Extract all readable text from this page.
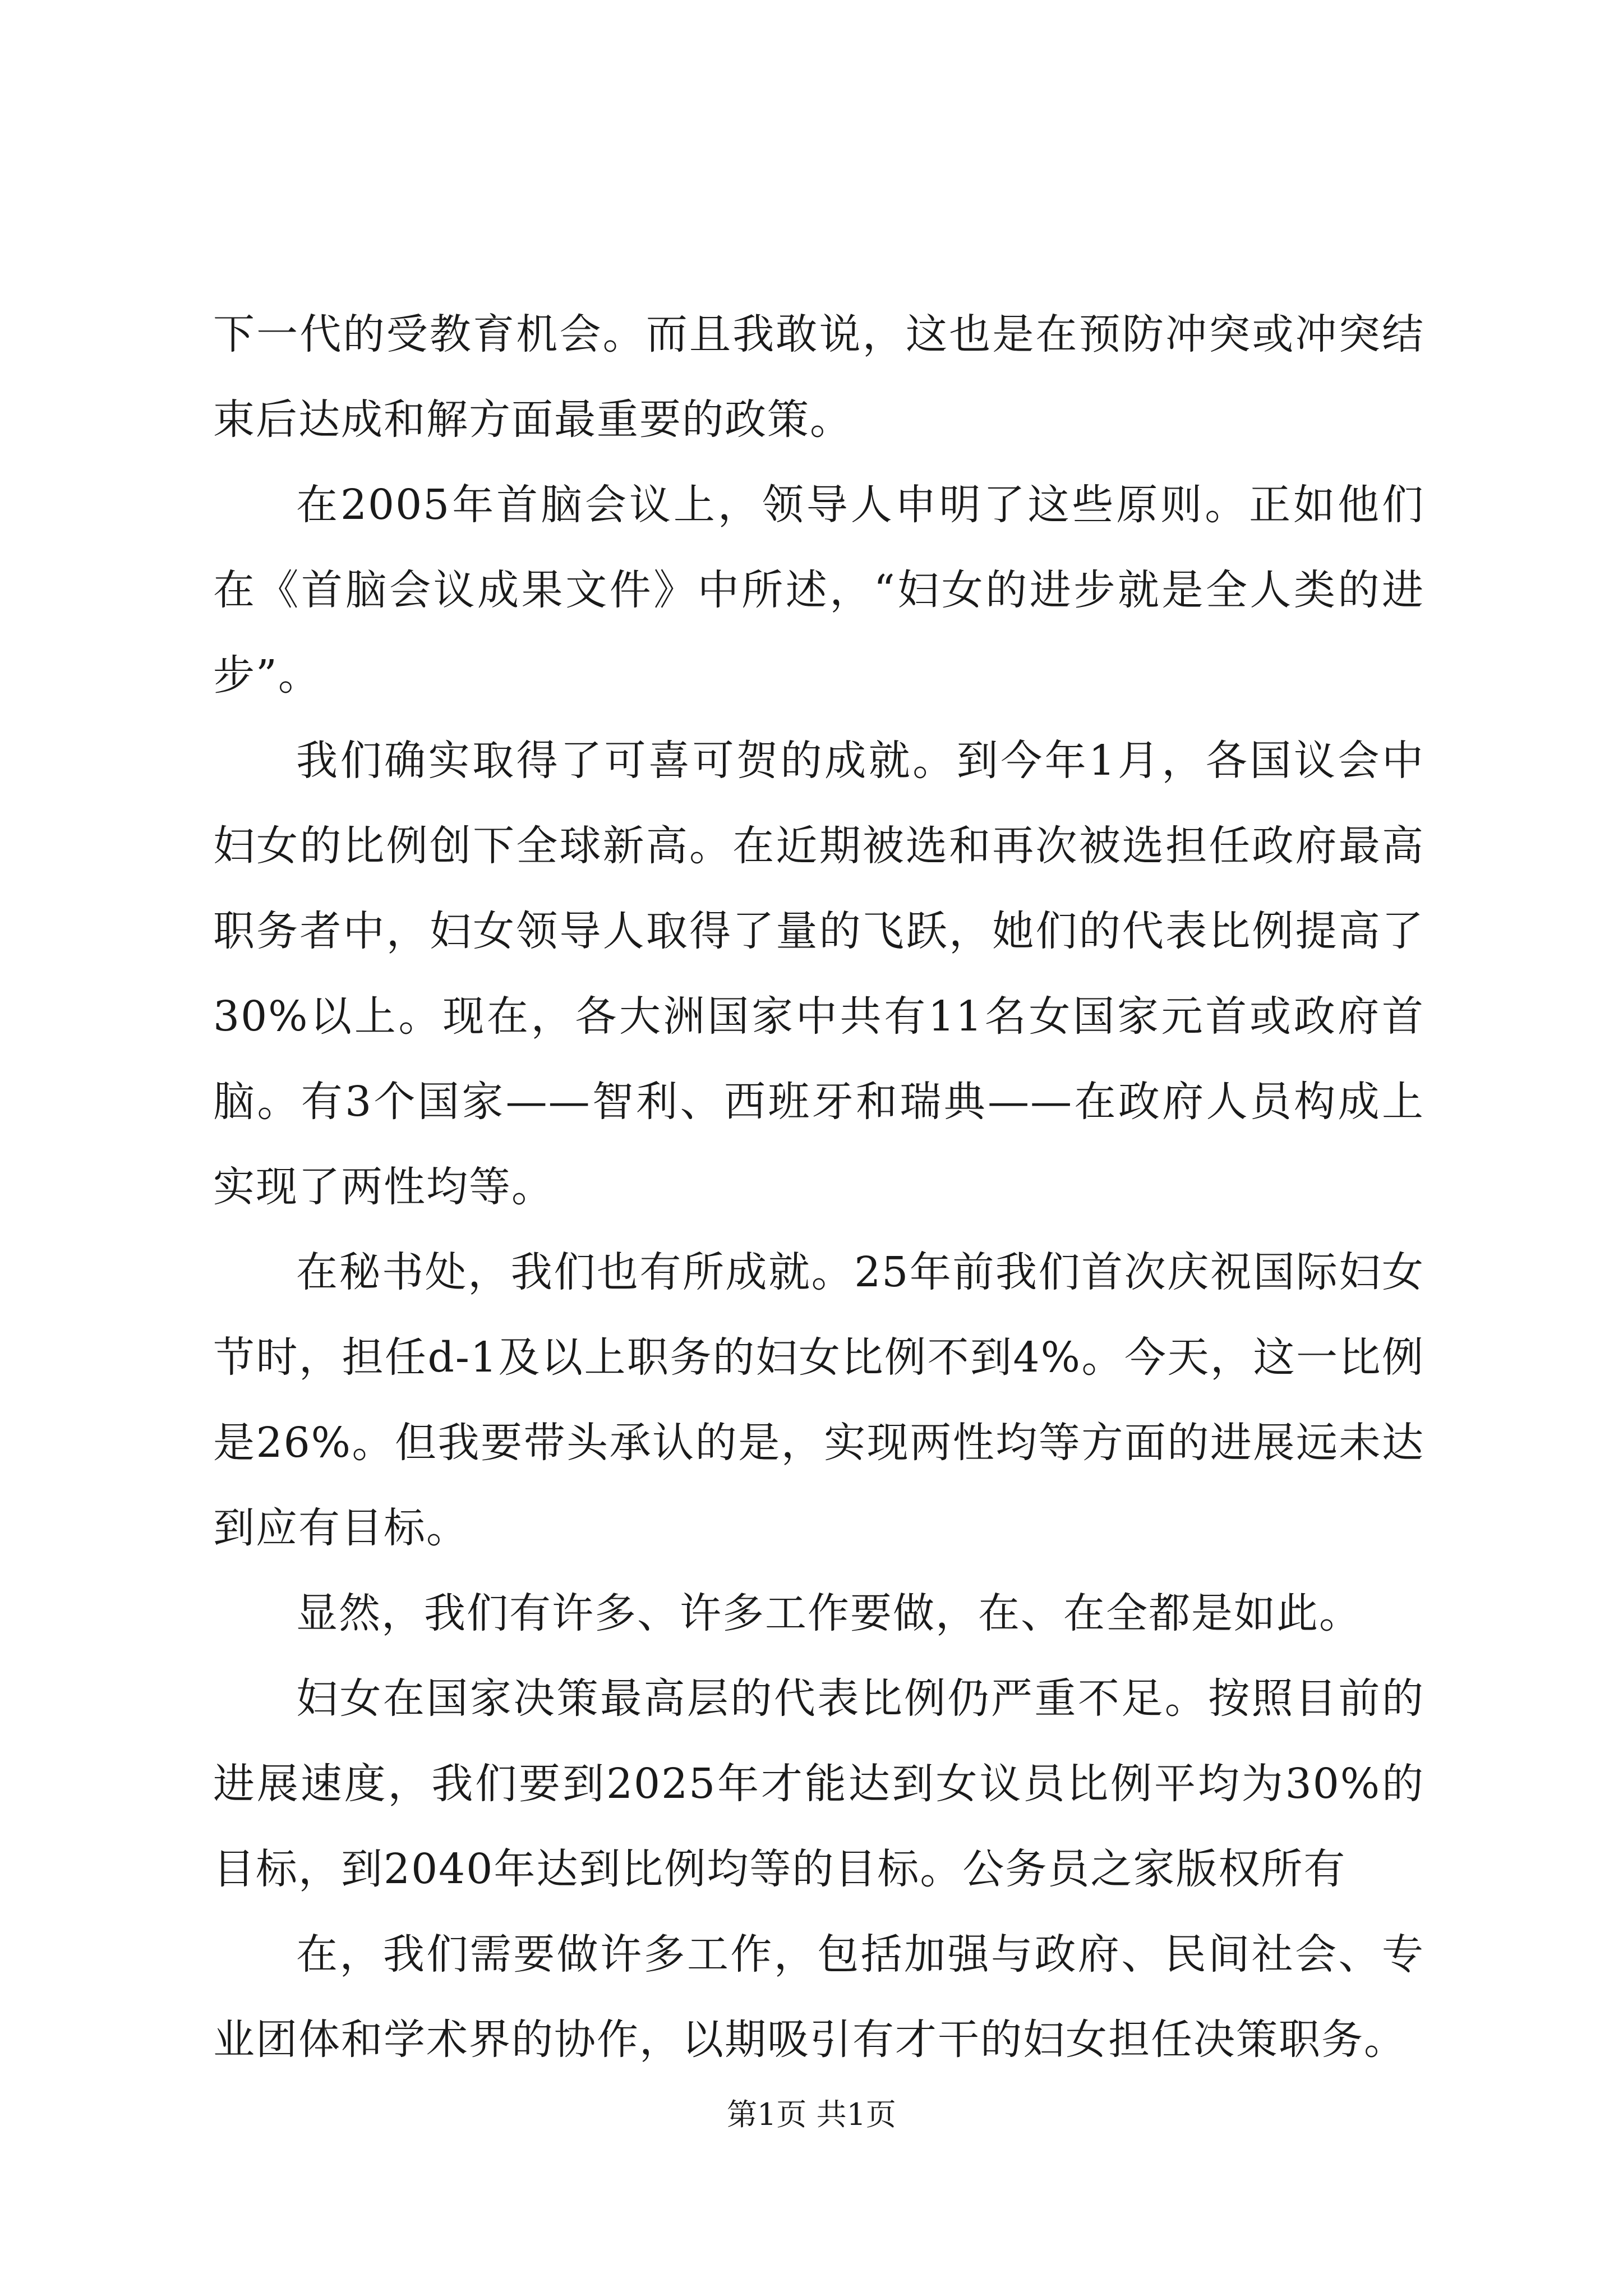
下一代的受教育机会。而且我敢说，这也是在预防冲突或冲突结束后达成和解方面最重要的政策。

在2005年首脑会议上，领导人申明了这些原则。正如他们在《首脑会议成果文件》中所述，“妇女的进步就是全人类的进步”。

我们确实取得了可喜可贺的成就。到今年1月，各国议会中妇女的比例创下全球新高。在近期被选和再次被选担任政府最高职务者中，妇女领导人取得了量的飞跃，她们的代表比例提高了30%以上。现在，各大洲国家中共有11名女国家元首或政府首脑。有3个国家——智利、西班牙和瑞典——在政府人员构成上实现了两性均等。

在秘书处，我们也有所成就。25年前我们首次庆祝国际妇女节时，担任d-1及以上职务的妇女比例不到4%。今天，这一比例是26%。但我要带头承认的是，实现两性均等方面的进展远未达到应有目标。

显然，我们有许多、许多工作要做，在、在全都是如此。

妇女在国家决策最高层的代表比例仍严重不足。按照目前的进展速度，我们要到2025年才能达到女议员比例平均为30%的目标，到2040年达到比例均等的目标。公务员之家版权所有

在，我们需要做许多工作，包括加强与政府、民间社会、专业团体和学术界的协作，以期吸引有才干的妇女担任决策职务。

第1页 共1页
